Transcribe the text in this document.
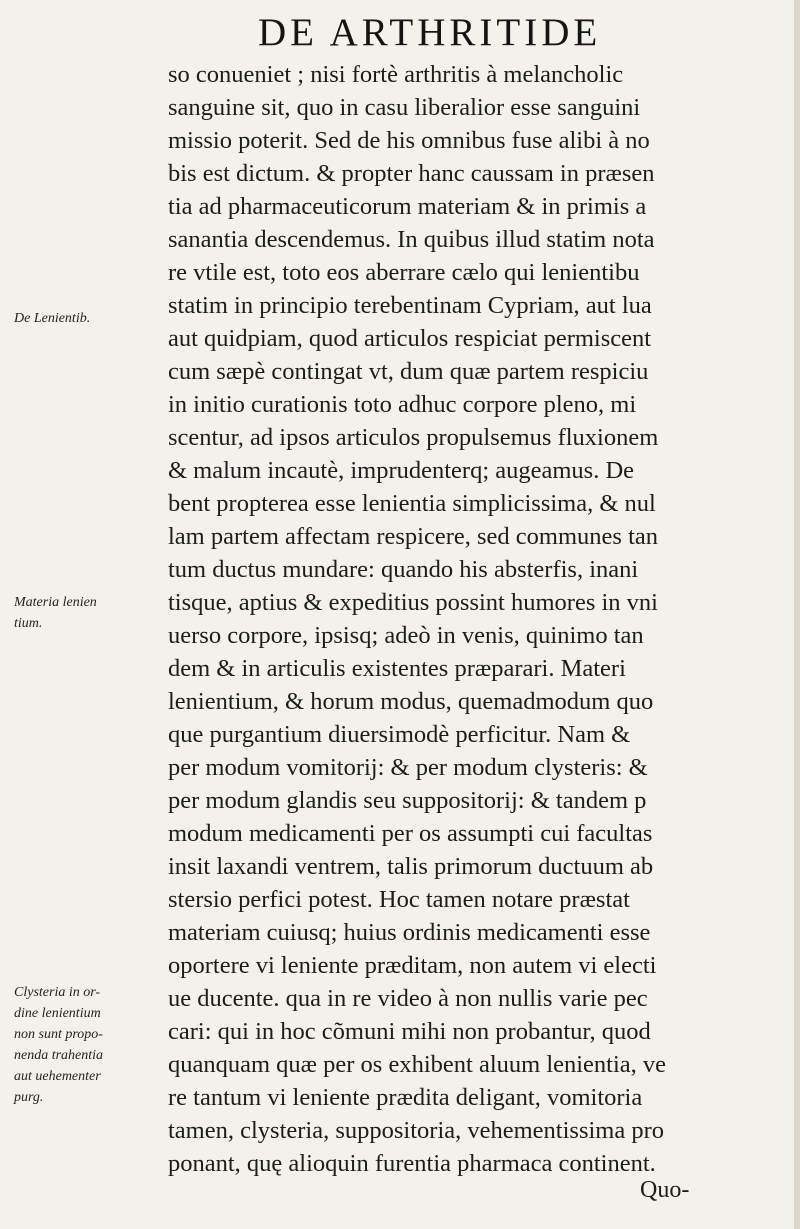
DE ARTHRITIDE
De Lenientib.
Materia lenien
tium.
Clysteria in or-
dine lenientium
non sunt propo-
nenda trahentia
aut uehementer
purg.
so conueniet ; nisi fortè arthritis à melancholic
sanguine sit, quo in casu liberalior esse sanguini
missio poterit. Sed de his omnibus fuse alibi à no
bis est dictum. & propter hanc caussam in præsen
tia ad pharmaceuticorum materiam & in primis a
sanantia descendemus. In quibus illud statim nota
re vtile est, toto eos aberrare cælo qui lenientibu
statim in principio terebentinam Cypriam, aut lua
aut quidpiam, quod articulos respiciat permiscent
cum sæpè contingat vt, dum quæ partem respiciu
in initio curationis toto adhuc corpore pleno, mi
scentur, ad ipsos articulos propulsemus fluxionem
& malum incautè, imprudenterq; augeamus. De
bent propterea esse lenientia simplicissima, & nul
lam partem affectam respicere, sed communes tan
tum ductus mundare: quando his absterfis, inani
tisque, aptius & expeditius possint humores in vni
uerso corpore, ipsisq; adeò in venis, quinimo tan
dem & in articulis existentes præparari. Materi
lenientium, & horum modus, quemadmodum quo
que purgantium diuersimodè perficitur. Nam &
per modum vomitorij: & per modum clysteris: &
per modum glandis seu suppositorij: & tandem p
modum medicamenti per os assumpti cui facultas
insit laxandi ventrem, talis primorum ductuum ab
stersio perfici potest. Hoc tamen notare præstat
materiam cuiusq; huius ordinis medicamenti esse
oportere vi leniente præditam, non autem vi electi
ue ducente. qua in re video à non nullis varie pec
cari: qui in hoc cõmuni mihi non probantur, quod
quanquam quæ per os exhibent aluum lenientia, ve
re tantum vi leniente prædita deligant, vomitoria
tamen, clysteria, suppositoria, vehementissima pro
ponant, quę alioquin furentia pharmaca continent.
Quo-
